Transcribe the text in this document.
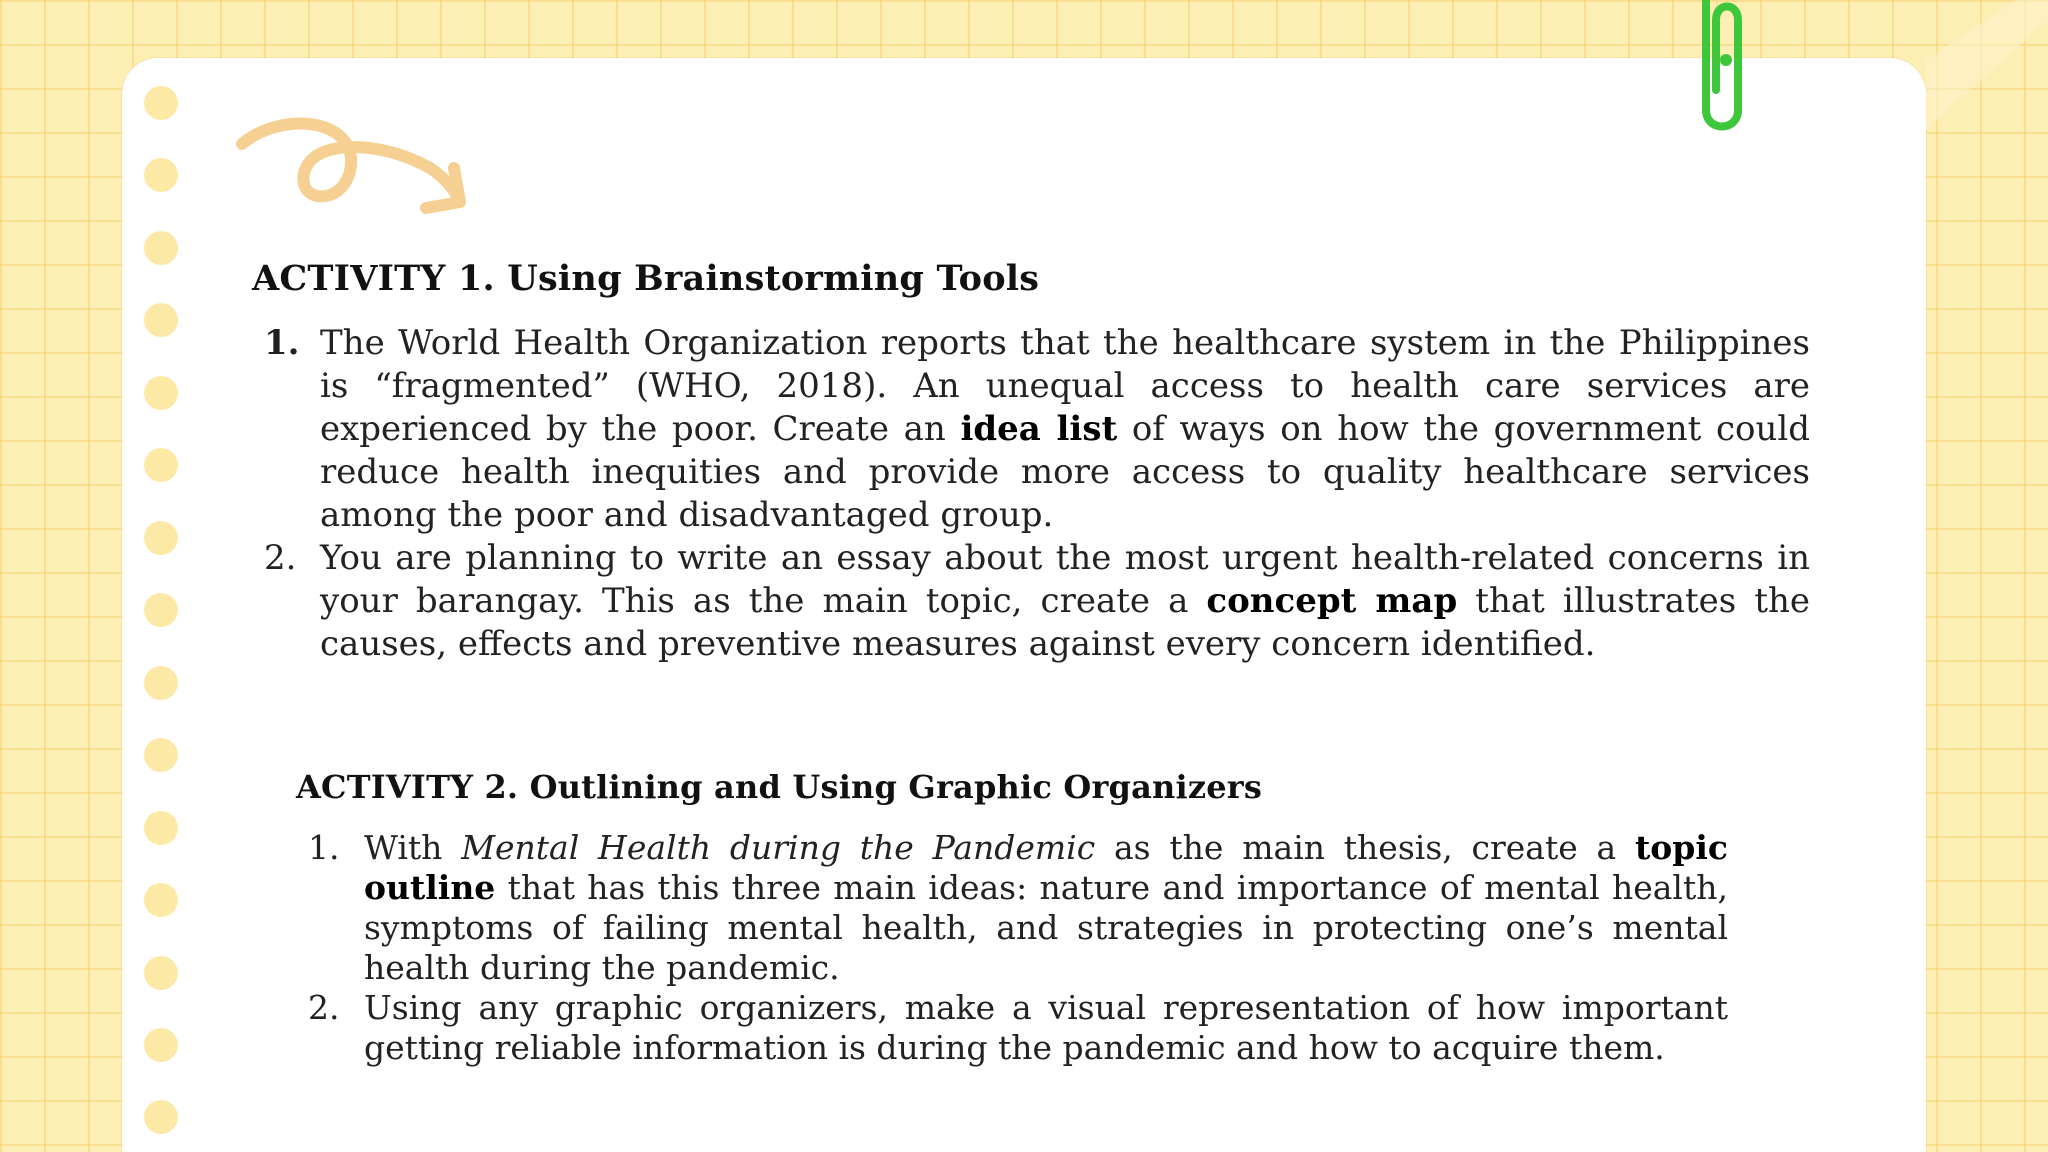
ACTIVITY 1. Using Brainstorming Tools
1. The World Health Organization reports that the healthcare system in the Philippines is “fragmented” (WHO, 2018). An unequal access to health care services are experienced by the poor. Create an idea list of ways on how the government could reduce health inequities and provide more access to quality healthcare services among the poor and disadvantaged group.
2. You are planning to write an essay about the most urgent health-related concerns in your barangay. This as the main topic, create a concept map that illustrates the causes, effects and preventive measures against every concern identified.
ACTIVITY 2. Outlining and Using Graphic Organizers
1. With Mental Health during the Pandemic as the main thesis, create a topic outline that has this three main ideas: nature and importance of mental health, symptoms of failing mental health, and strategies in protecting one’s mental health during the pandemic.
2. Using any graphic organizers, make a visual representation of how important getting reliable information is during the pandemic and how to acquire them.
